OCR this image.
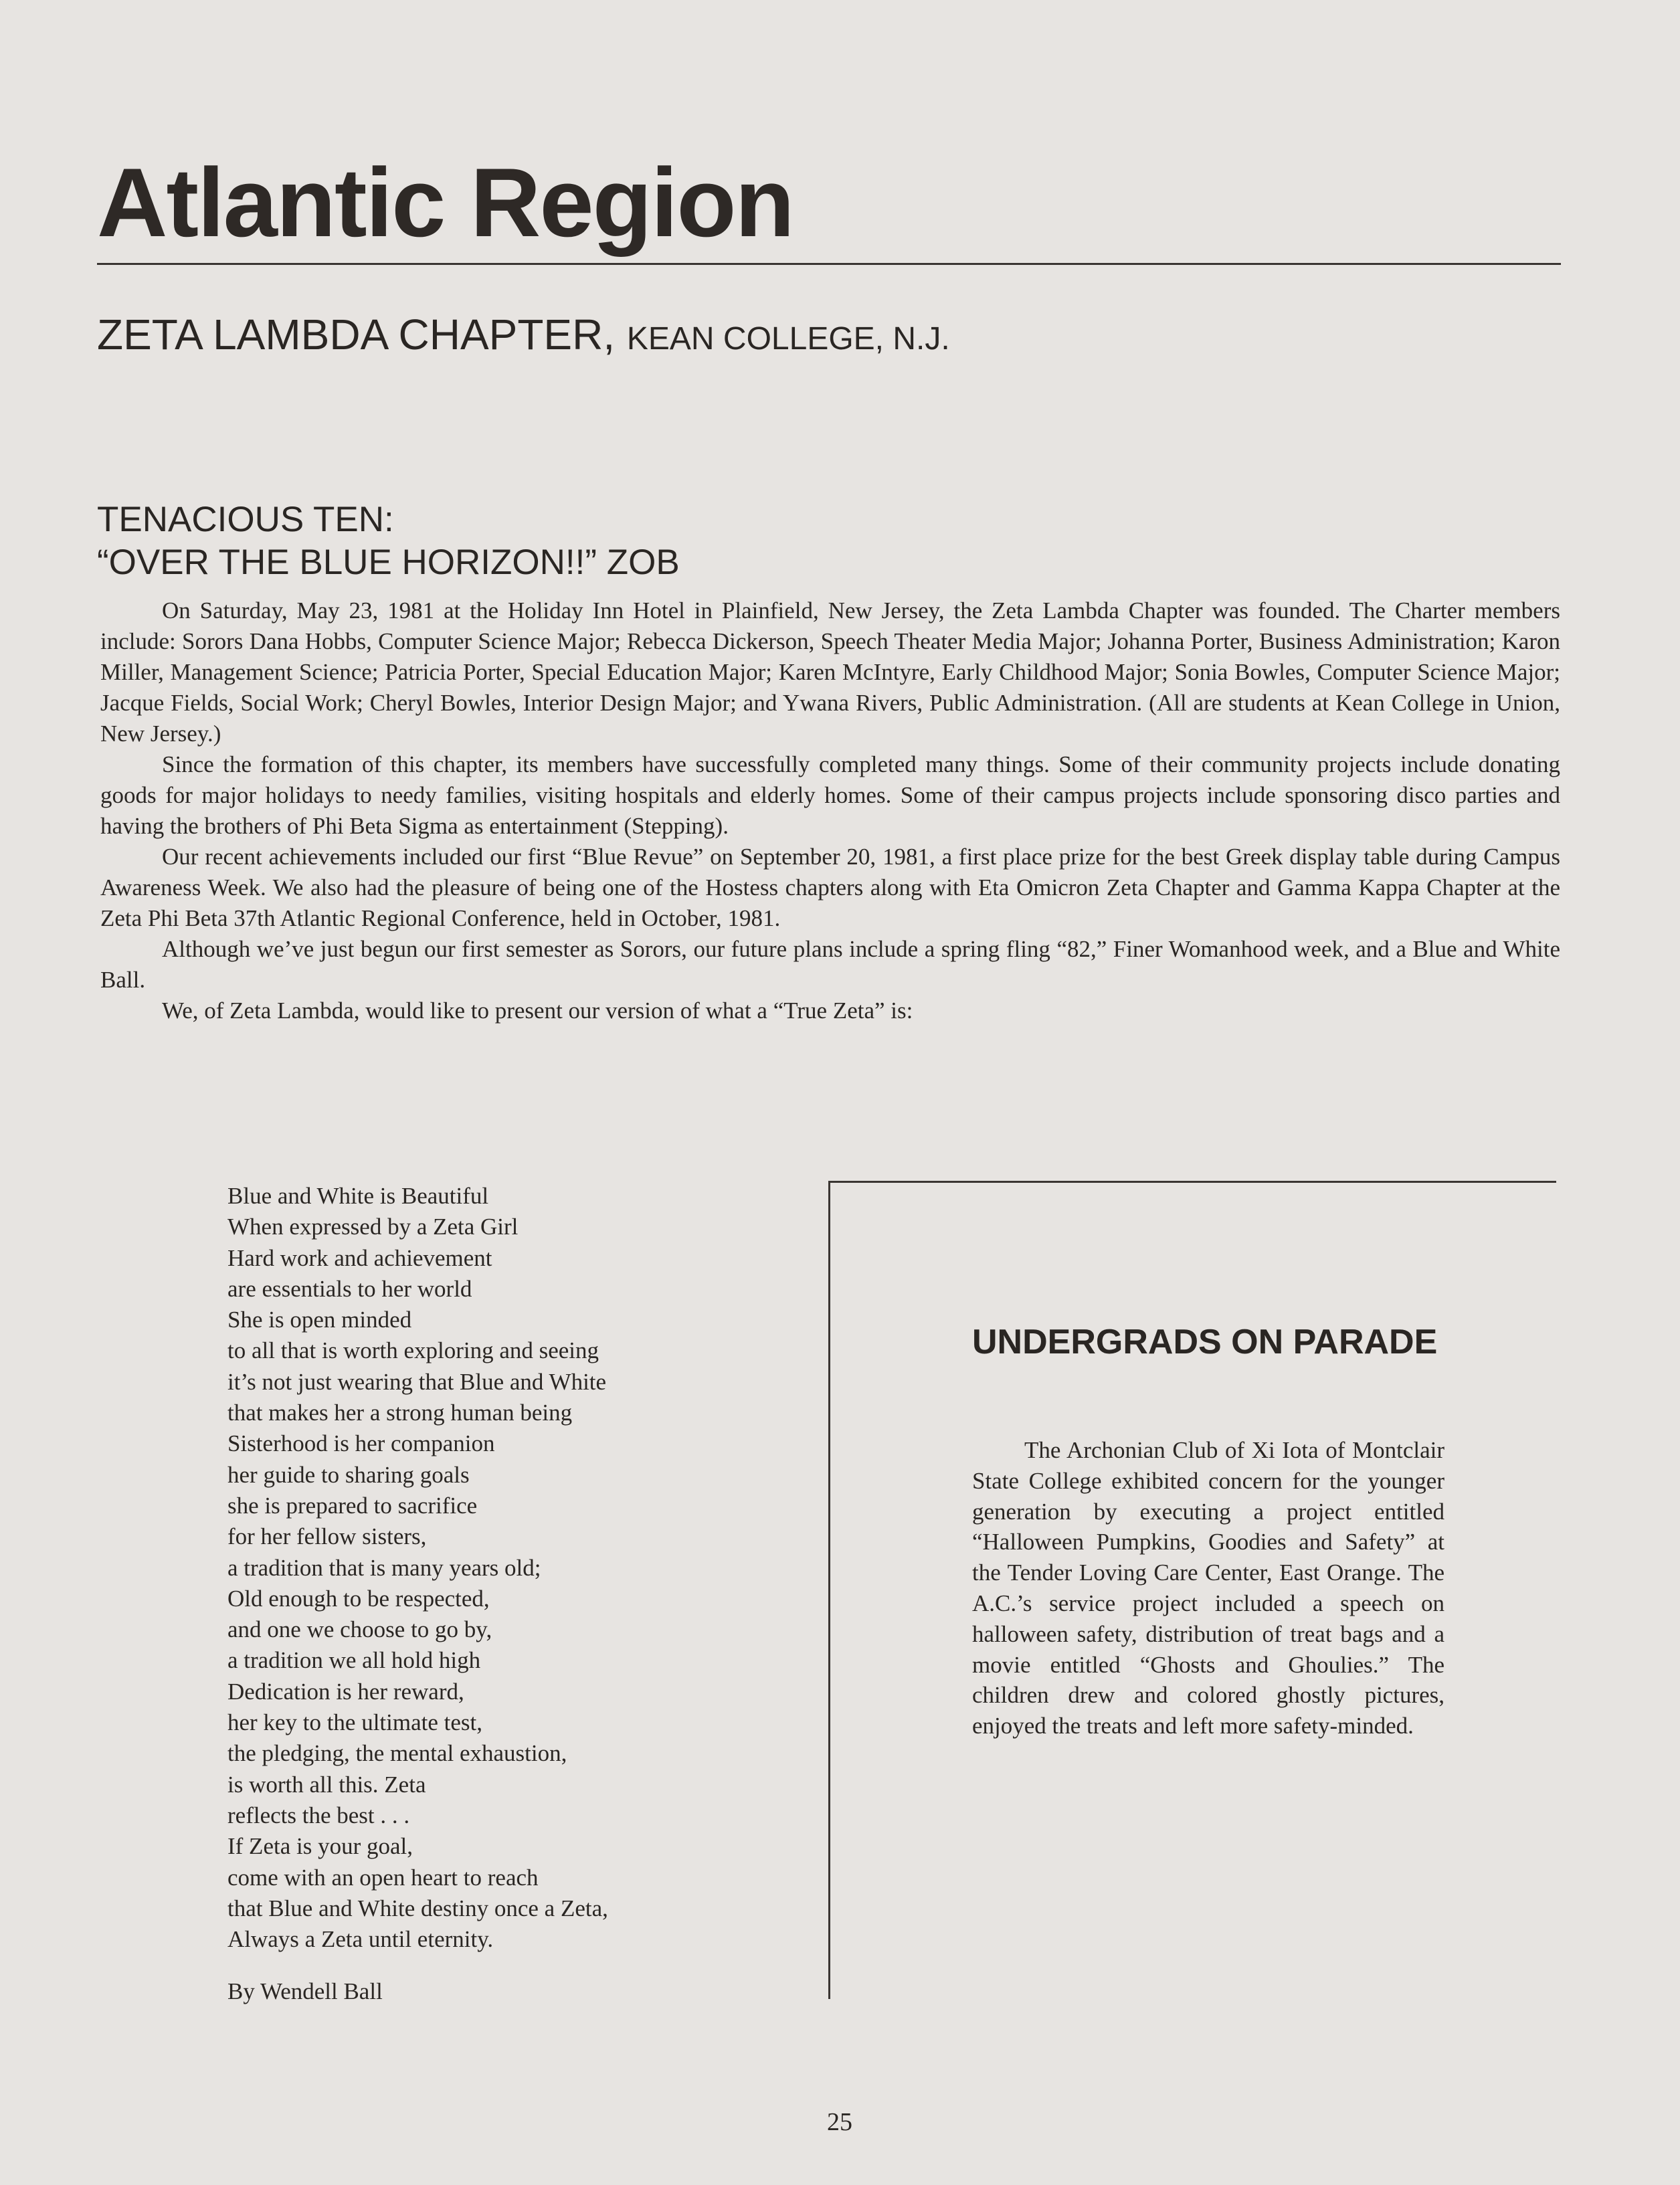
Atlantic Region
ZETA LAMBDA CHAPTER, KEAN COLLEGE, N.J.
TENACIOUS TEN:
“OVER THE BLUE HORIZON!!” ZOB

On Saturday, May 23, 1981 at the Holiday Inn Hotel in Plainfield, New Jersey, the Zeta Lambda Chapter was founded. The Charter members include: Sorors Dana Hobbs, Computer Science Major; Rebecca Dickerson, Speech Theater Media Major; Johanna Porter, Business Administration; Karon Miller, Management Science; Patricia Porter, Special Education Major; Karen McIntyre, Early Childhood Major; Sonia Bowles, Computer Science Major; Jacque Fields, Social Work; Cheryl Bowles, Interior Design Major; and Ywana Rivers, Public Administration. (All are students at Kean College in Union, New Jersey.)

Since the formation of this chapter, its members have successfully completed many things. Some of their community projects include donating goods for major holidays to needy families, visiting hospitals and elderly homes. Some of their campus projects include sponsoring disco parties and having the brothers of Phi Beta Sigma as entertainment (Stepping).

Our recent achievements included our first “Blue Revue” on September 20, 1981, a first place prize for the best Greek display table during Campus Awareness Week. We also had the pleasure of being one of the Hostess chapters along with Eta Omicron Zeta Chapter and Gamma Kappa Chapter at the Zeta Phi Beta 37th Atlantic Regional Conference, held in October, 1981.

Although we’ve just begun our first semester as Sorors, our future plans include a spring fling “82,” Finer Womanhood week, and a Blue and White Ball.

We, of Zeta Lambda, would like to present our version of what a “True Zeta” is:

Blue and White is Beautiful
When expressed by a Zeta Girl
Hard work and achievement
are essentials to her world
She is open minded
to all that is worth exploring and seeing
it’s not just wearing that Blue and White
that makes her a strong human being
Sisterhood is her companion
her guide to sharing goals
she is prepared to sacrifice
for her fellow sisters,
a tradition that is many years old;
Old enough to be respected,
and one we choose to go by,
a tradition we all hold high
Dedication is her reward,
her key to the ultimate test,
the pledging, the mental exhaustion,
is worth all this. Zeta
reflects the best . . .
If Zeta is your goal,
come with an open heart to reach
that Blue and White destiny once a Zeta,
Always a Zeta until eternity.
By Wendell Ball
UNDERGRADS ON PARADE

The Archonian Club of Xi Iota of Montclair State College exhibited concern for the younger generation by executing a project entitled “Halloween Pumpkins, Goodies and Safety” at the Tender Loving Care Center, East Orange. The A.C.’s service project included a speech on halloween safety, distribution of treat bags and a movie entitled “Ghosts and Ghoulies.” The children drew and colored ghostly pictures, enjoyed the treats and left more safety-minded.

25
